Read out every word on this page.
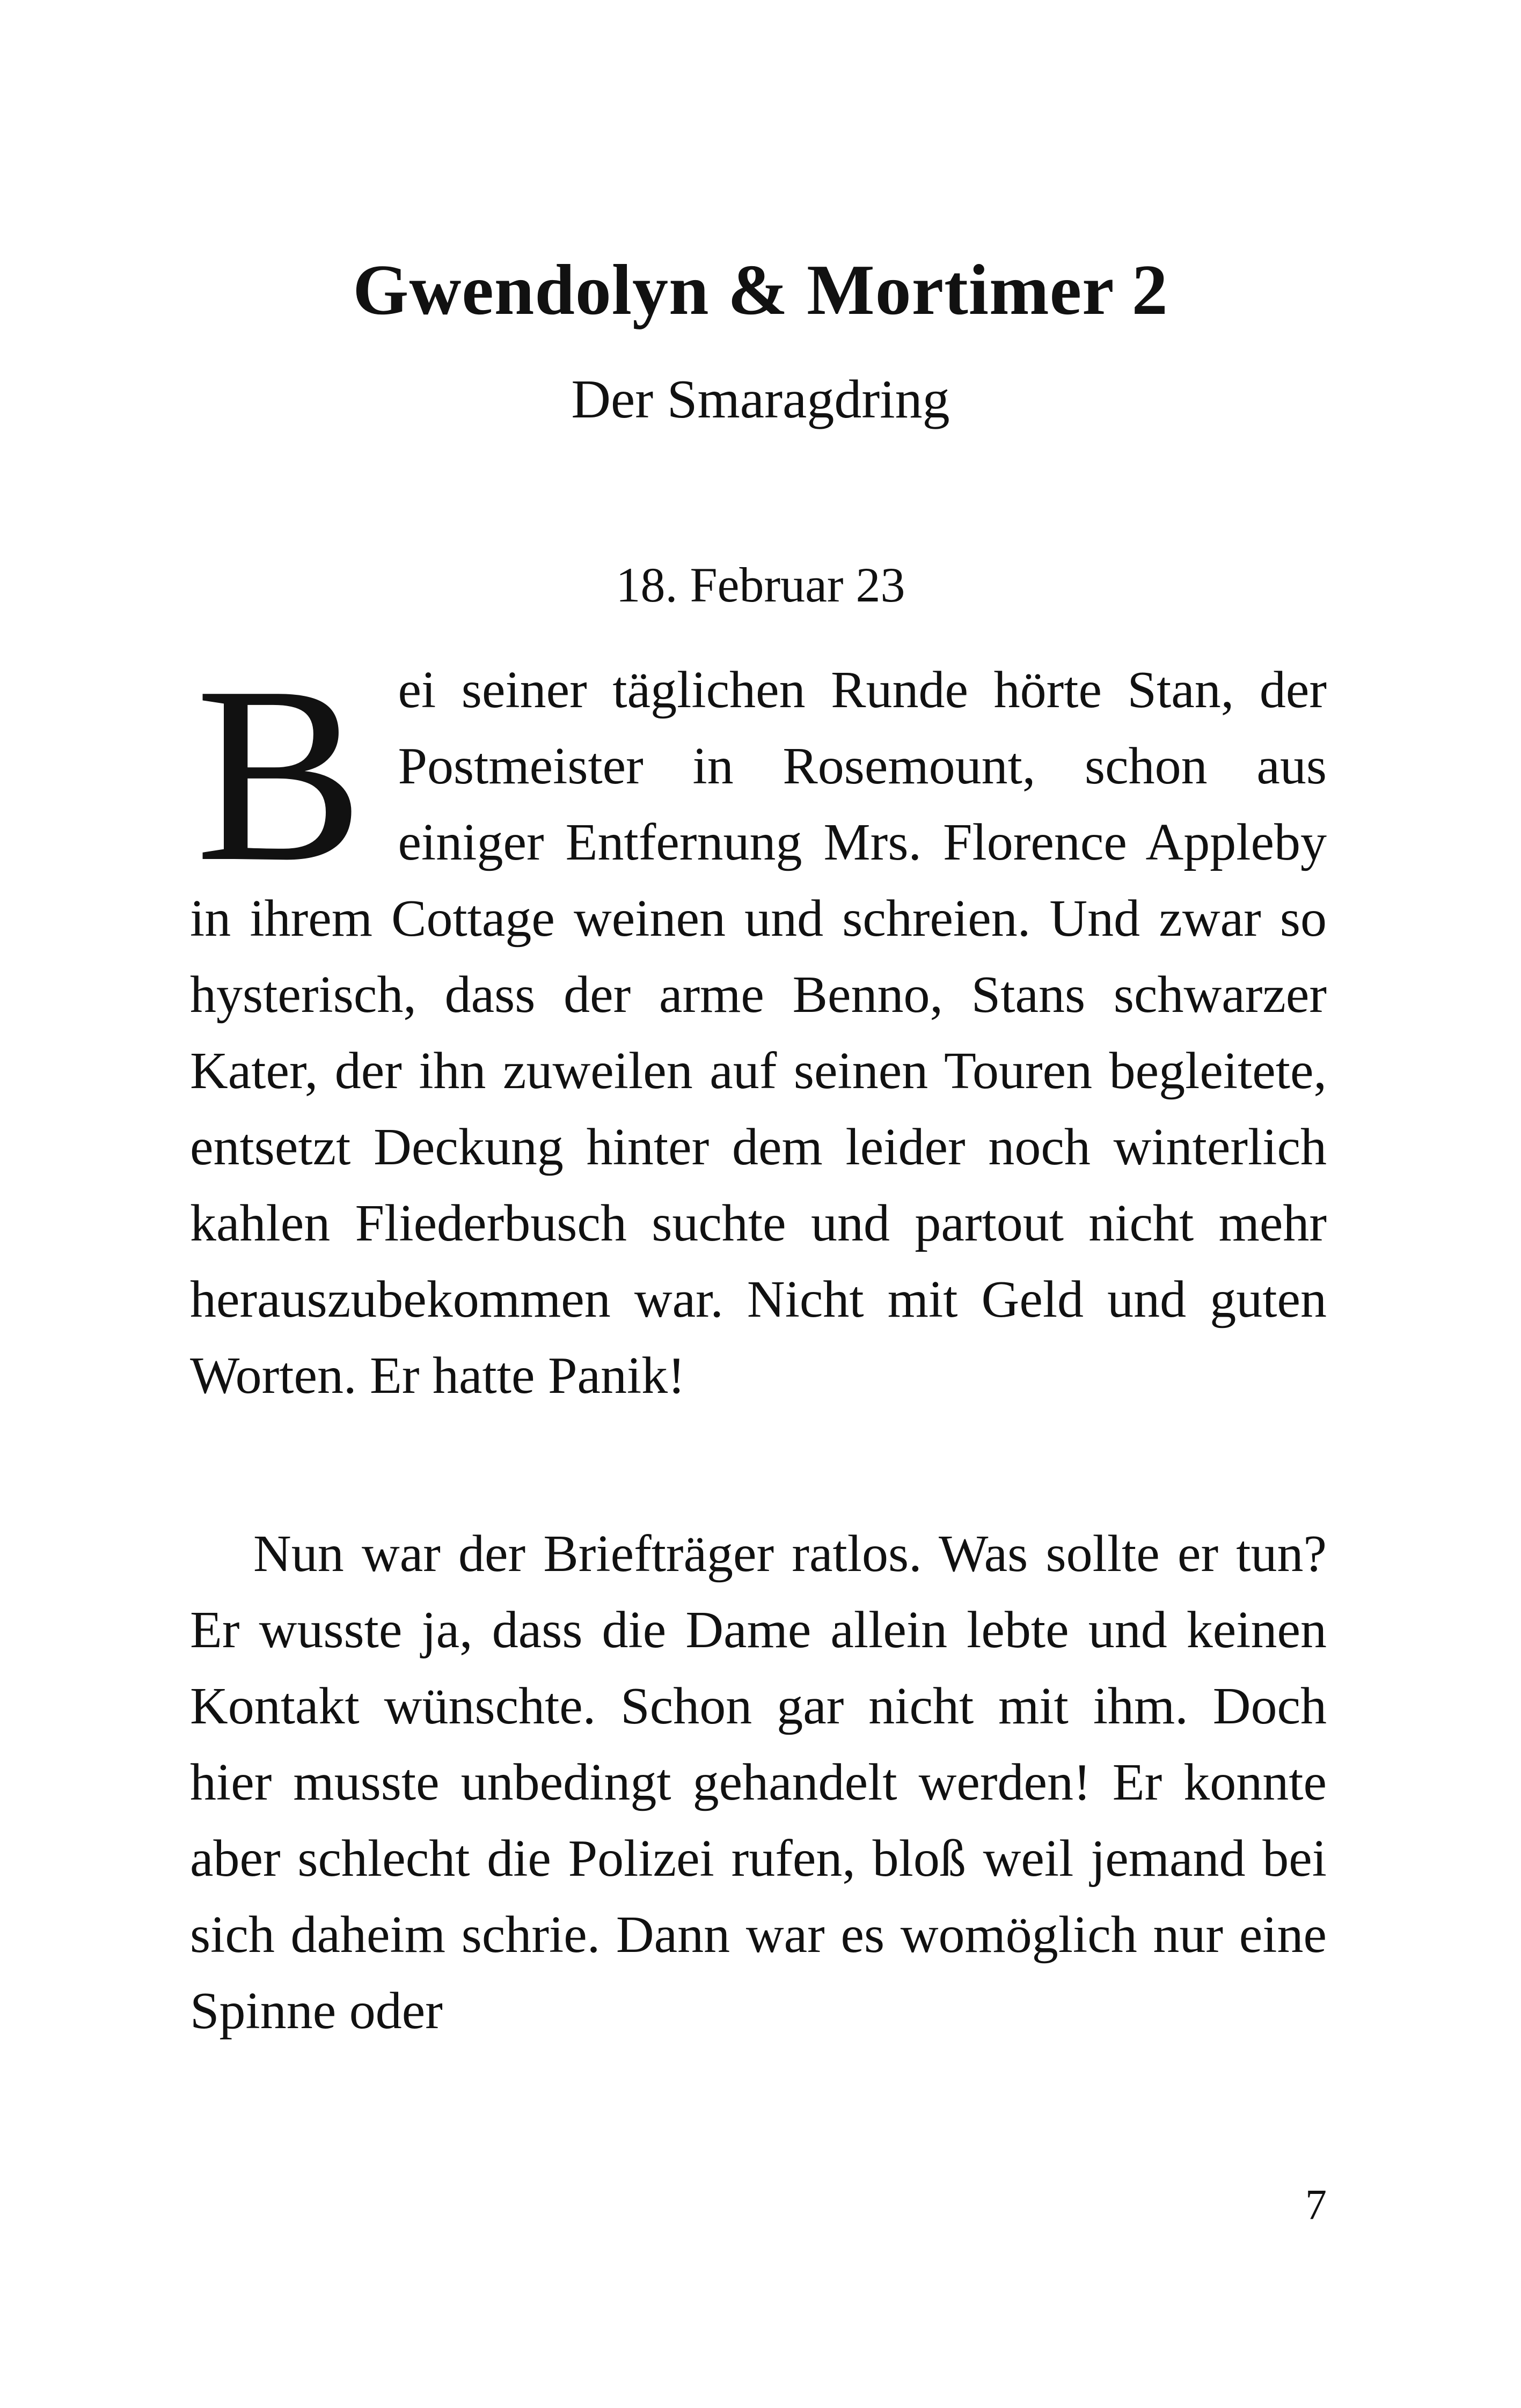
Gwendolyn & Mortimer 2

Der Smaragdring

18. Februar 23

Bei seiner täglichen Runde hörte Stan, der Postmeister in Rosemount, schon aus einiger Entfernung Mrs. Florence Appleby in ihrem Cottage weinen und schreien. Und zwar so hysterisch, dass der arme Benno, Stans schwarzer Kater, der ihn zuweilen auf seinen Touren begleitete, entsetzt Deckung hinter dem leider noch winterlich kahlen Fliederbusch suchte und partout nicht mehr herauszubekommen war. Nicht mit Geld und guten Worten. Er hatte Panik!

Nun war der Briefträger ratlos. Was sollte er tun? Er wusste ja, dass die Dame allein lebte und keinen Kontakt wünschte. Schon gar nicht mit ihm. Doch hier musste unbedingt gehandelt werden! Er konnte aber schlecht die Polizei rufen, bloß weil jemand bei sich daheim schrie. Dann war es womöglich nur eine Spinne oder

7
